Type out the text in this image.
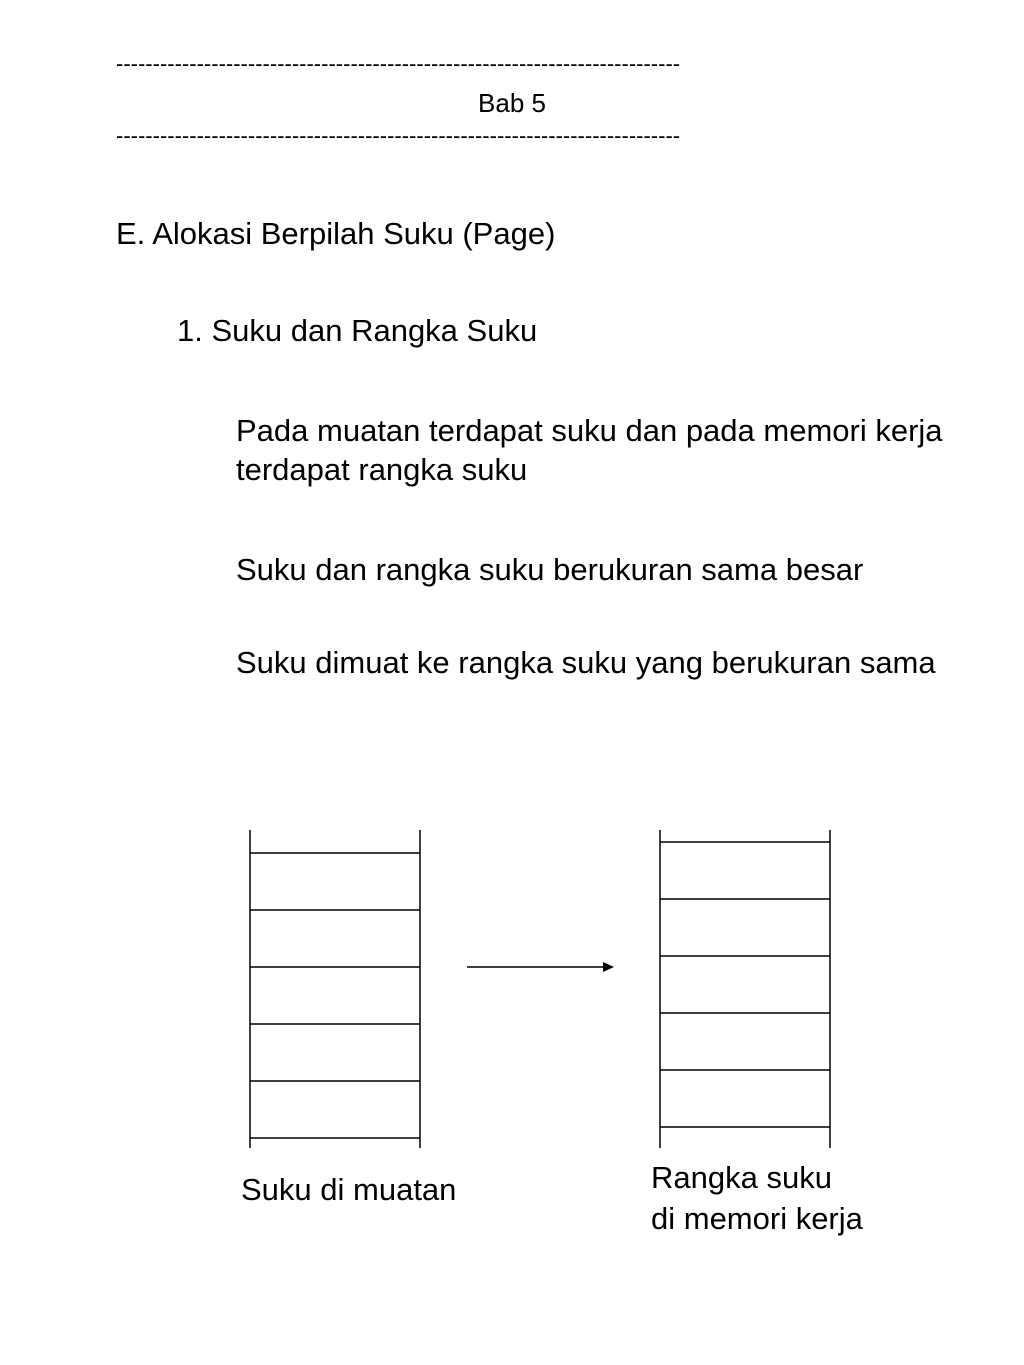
-----------------------------------------------------------------------------
Bab 5
-----------------------------------------------------------------------------
E. Alokasi Berpilah Suku (Page)
1. Suku dan Rangka Suku
Pada muatan terdapat suku dan pada memori kerja terdapat rangka suku
Suku dan rangka suku berukuran sama besar
Suku dimuat ke rangka suku yang berukuran sama
Suku di muatan	Rangka suku
di memori kerja
